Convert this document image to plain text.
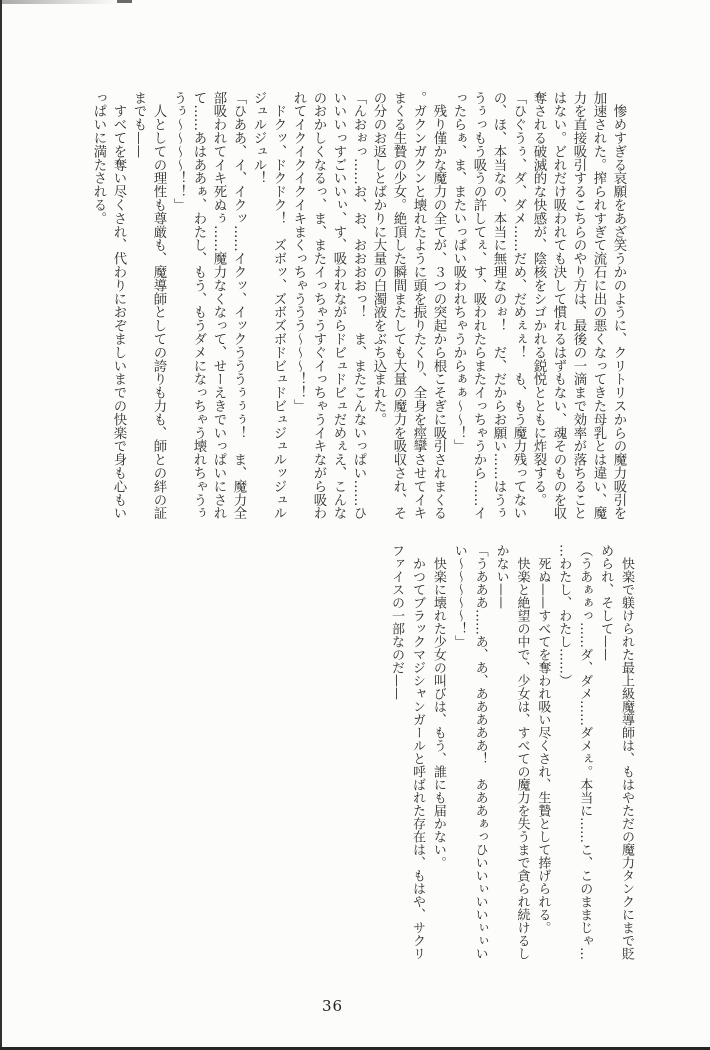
　惨めすぎる哀願をあざ笑うかのように、クリトリスからの魔力吸引を加速された。搾られすぎて流石に出の悪くなってきた母乳とは違い、魔力を直接吸引するこちらのやり方は、最後の一滴まで効率が落ちることはない。どれだけ吸われても決して慣れるはずもない、魂そのものを収奪される破滅的な快感が、陰核をシゴかれる鋭悦とともに炸裂する。

「ひぐうぅ、ダ、ダメ……だめ、だめぇぇ！　も、もう魔力残ってないの、ほ、本当なの、本当に無理なのぉ！　だ、だからお願い……はうぅうぅっもう吸うの許してぇ、す、吸われたらまたイっちゃうから……イったらぁ、ま、またいっぱい吸われちゃうからぁぁ〜〜！」

　残り僅かな魔力の全てが、３つの突起から根こそぎに吸引されまくる。ガクンガクンと壊れたように頭を振りたくり、全身を痙攣させてイキまくる生贄の少女。絶頂した瞬間またしても大量の魔力を吸収され、その分のお返しとばかりに大量の白濁液をぶち込まれた。

「んおぉっ……お、お、おおおおっ！　ま、またこんないっぱい……ひいいいっすごいいぃ、す、吸われながらドビュドビュだめぇえ、こんなのおかしくなるっ、ま、またイっちゃうすぐイっちゃうイキながら吸われてイクイクイクイキまくっちゃううう〜〜〜！！」

　ドクッ、ドクドク！　ズボッ、ズボズボドビュドビュジュルッジュルジュルジュル！

「ひああ、イ、イクッ……イクッ、イックうううぅぅぅ！　ま、魔力全部吸われてイキ死ぬぅ……魔力なくなって、せーえきでいっぱいにされて……あはああぁ、わたし、もう、もうダメになっちゃう壊れちゃうぅうぅ〜〜〜〜！！」

　人としての理性も尊厳も、魔導師としての誇りも力も、師との絆の証までも——

　すべてを奪い尽くされ、代わりにおぞましいまでの快楽で身も心もいっぱいに満たされる。

　快楽で躾けられた最上級魔導師は、もはやただの魔力タンクにまで貶められ、そして——

（うあぁぁっ……ダ、ダメ……ダメぇ。本当に……こ、このままじゃ……わたし、わたし……）

　死ぬ——すべてを奪われ吸い尽くされ、生贄として捧げられる。

　快楽と絶望の中で、少女は、すべての魔力を失うまで貪られ続けるしかない——

「うあああ……あ、あ、あああああ！　あああぁっひいいぃいいぃぃいい〜〜〜〜〜！」

　快楽に壊れた少女の叫びは、もう、誰にも届かない。

　かつてブラックマジシャンガールと呼ばれた存在は、もはや、サクリファイスの一部なのだ——

36
